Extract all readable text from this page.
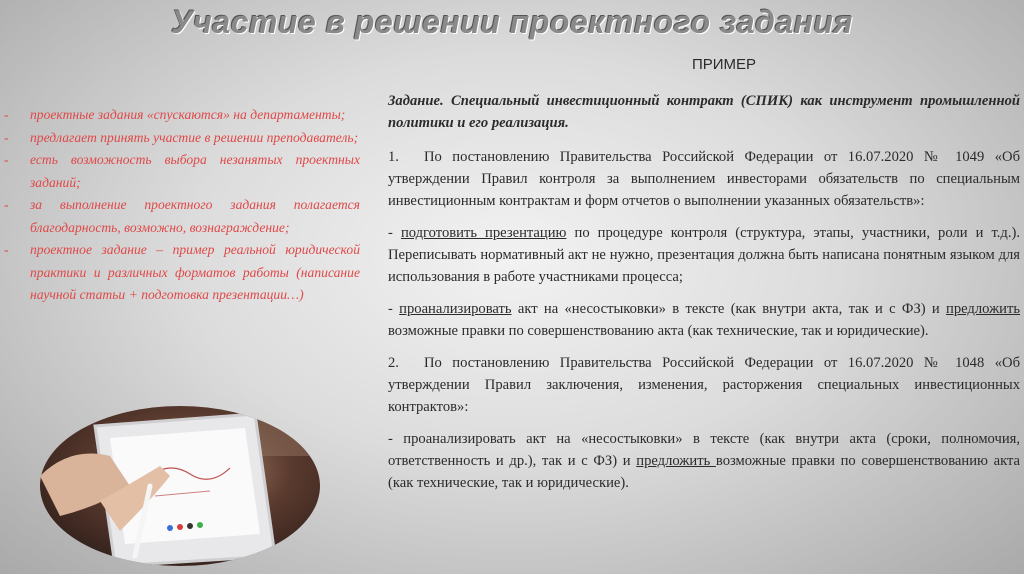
Участие в решении проектного задания
- проектные задания «спускаются» на департаменты;
- предлагает принять участие в решении преподаватель;
- есть возможность выбора незанятых проектных заданий;
- за выполнение проектного задания полагается благодарность, возможно, вознаграждение;
- проектное задание – пример реальной юридической практики и различных форматов работы (написание научной статьи + подготовка презентации…)

ПРИМЕР

Задание. Специальный инвестиционный контракт (СПИК) как инструмент промышленной политики и его реализация.

1. По постановлению Правительства Российской Федерации от 16.07.2020 № 1049 «Об утверждении Правил контроля за выполнением инвесторами обязательств по специальным инвестиционным контрактам и форм отчетов о выполнении указанных обязательств»:

- подготовить презентацию по процедуре контроля (структура, этапы, участники, роли и т.д.). Переписывать нормативный акт не нужно, презентация должна быть написана понятным языком для использования в работе участниками процесса;

- проанализировать акт на «несостыковки» в тексте (как внутри акта, так и с ФЗ) и предложить возможные правки по совершенствованию акта (как технические, так и юридические).

2. По постановлению Правительства Российской Федерации от 16.07.2020 № 1048 «Об утверждении Правил заключения, изменения, расторжения специальных инвестиционных контрактов»:

- проанализировать акт на «несостыковки» в тексте (как внутри акта (сроки, полномочия, ответственность и др.), так и с ФЗ) и предложить возможные правки по совершенствованию акта (как технические, так и юридические).
